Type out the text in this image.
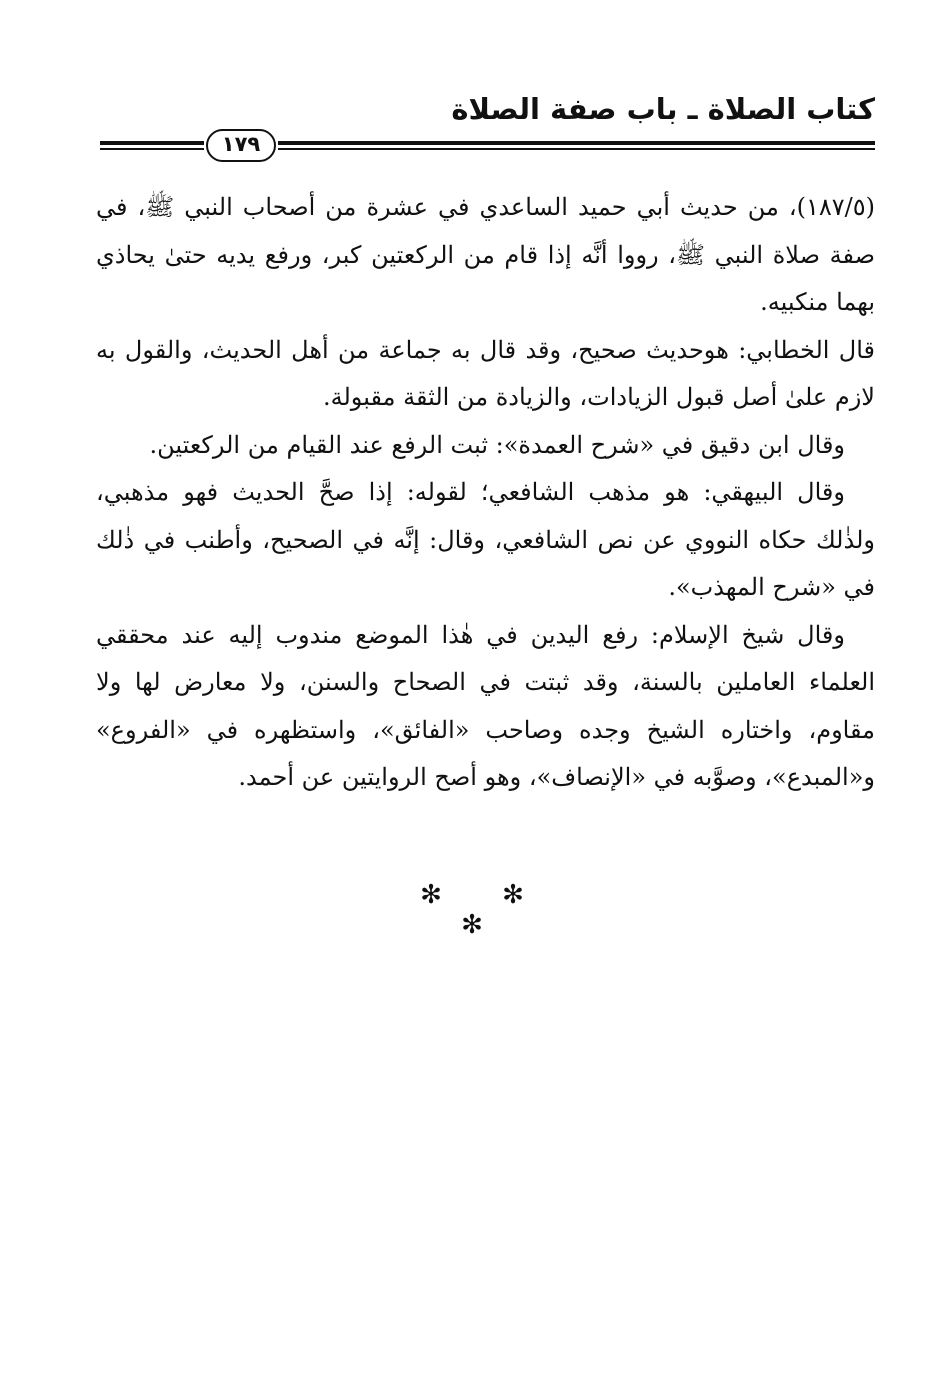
كتاب الصلاة ـ باب صفة الصلاة
١٧٩

(١٨٧/٥)، من حديث أبي حميد الساعدي في عشرة من أصحاب النبي ﷺ، في صفة صلاة النبي ﷺ، رووا أنَّه إذا قام من الركعتين كبر، ورفع يديه حتىٰ يحاذي بهما منكبيه.

قال الخطابي: هوحديث صحيح، وقد قال به جماعة من أهل الحديث، والقول به لازم علىٰ أصل قبول الزيادات، والزيادة من الثقة مقبولة.

وقال ابن دقيق في «شرح العمدة»: ثبت الرفع عند القيام من الركعتين.

وقال البيهقي: هو مذهب الشافعي؛ لقوله: إذا صحَّ الحديث فهو مذهبي، ولذٰلك حكاه النووي عن نص الشافعي، وقال: إنَّه في الصحيح، وأطنب في ذٰلك في «شرح المهذب».

وقال شيخ الإسلام: رفع اليدين في هٰذا الموضع مندوب إليه عند محققي العلماء العاملين بالسنة، وقد ثبتت في الصحاح والسنن، ولا معارض لها ولا مقاوم، واختاره الشيخ وجده وصاحب «الفائق»، واستظهره في «الفروع» و«المبدع»، وصوَّبه في «الإنصاف»، وهو أصح الروايتين عن أحمد.

✻ ✻ ✻
